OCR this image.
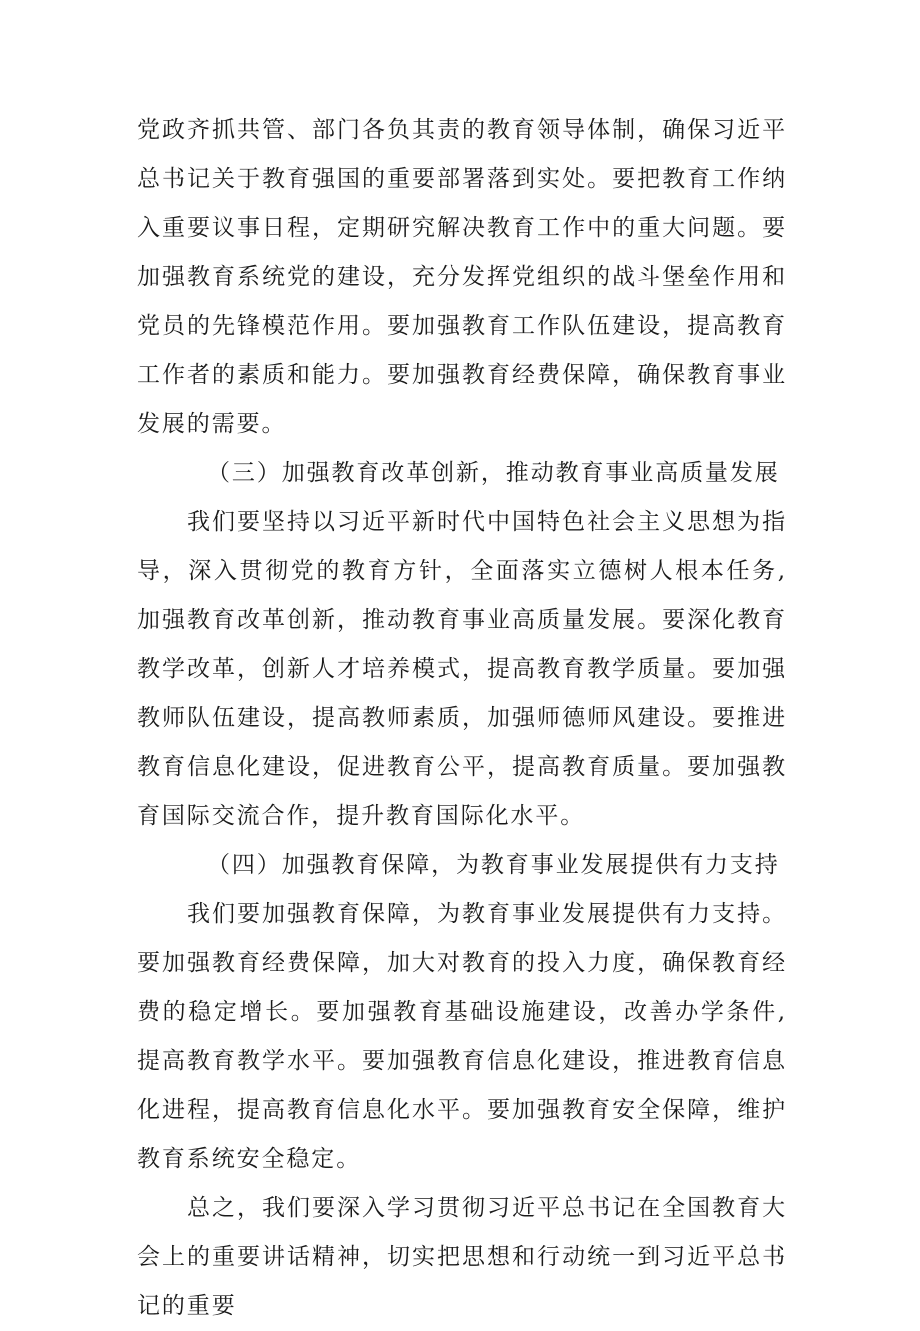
党政齐抓共管、部门各负其责的教育领导体制，确保习近平总书记关于教育强国的重要部署落到实处。要把教育工作纳入重要议事日程，定期研究解决教育工作中的重大问题。要加强教育系统党的建设，充分发挥党组织的战斗堡垒作用和党员的先锋模范作用。要加强教育工作队伍建设，提高教育工作者的素质和能力。要加强教育经费保障，确保教育事业发展的需要。

（三）加强教育改革创新，推动教育事业高质量发展

我们要坚持以习近平新时代中国特色社会主义思想为指导，深入贯彻党的教育方针，全面落实立德树人根本任务,加强教育改革创新，推动教育事业高质量发展。要深化教育教学改革，创新人才培养模式，提高教育教学质量。要加强教师队伍建设，提高教师素质，加强师德师风建设。要推进教育信息化建设，促进教育公平，提高教育质量。要加强教育国际交流合作，提升教育国际化水平。

（四）加强教育保障，为教育事业发展提供有力支持

我们要加强教育保障，为教育事业发展提供有力支持。要加强教育经费保障，加大对教育的投入力度，确保教育经费的稳定增长。要加强教育基础设施建设，改善办学条件,提高教育教学水平。要加强教育信息化建设，推进教育信息化进程，提高教育信息化水平。要加强教育安全保障，维护教育系统安全稳定。

总之，我们要深入学习贯彻习近平总书记在全国教育大会上的重要讲话精神，切实把思想和行动统一到习近平总书记的重要
